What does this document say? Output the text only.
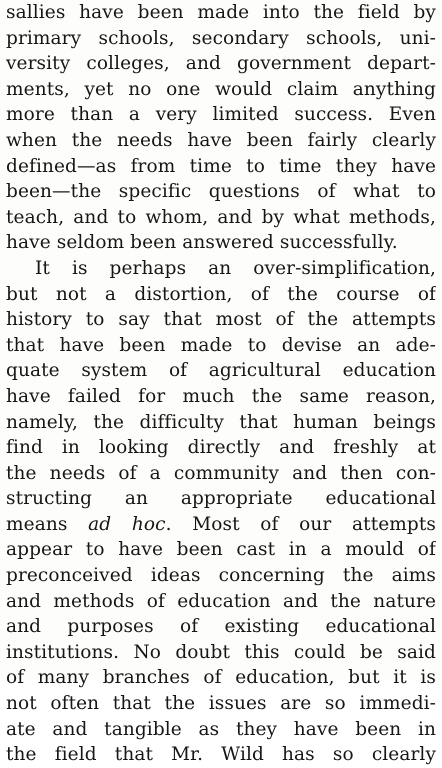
sallies have been made into the field by
primary schools, secondary schools, uni-
versity colleges, and government depart-
ments, yet no one would claim anything
more than a very limited success. Even
when the needs have been fairly clearly
defined—as from time to time they have
been—the specific questions of what to
teach, and to whom, and by what methods,
have seldom been answered successfully.
It is perhaps an over-simplification,
but not a distortion, of the course of
history to say that most of the attempts
that have been made to devise an ade-
quate system of agricultural education
have failed for much the same reason,
namely, the difficulty that human beings
find in looking directly and freshly at
the needs of a community and then con-
structing an appropriate educational
means ad hoc. Most of our attempts
appear to have been cast in a mould of
preconceived ideas concerning the aims
and methods of education and the nature
and purposes of existing educational
institutions. No doubt this could be said
of many branches of education, but it is
not often that the issues are so immedi-
ate and tangible as they have been in
the field that Mr. Wild has so clearly
